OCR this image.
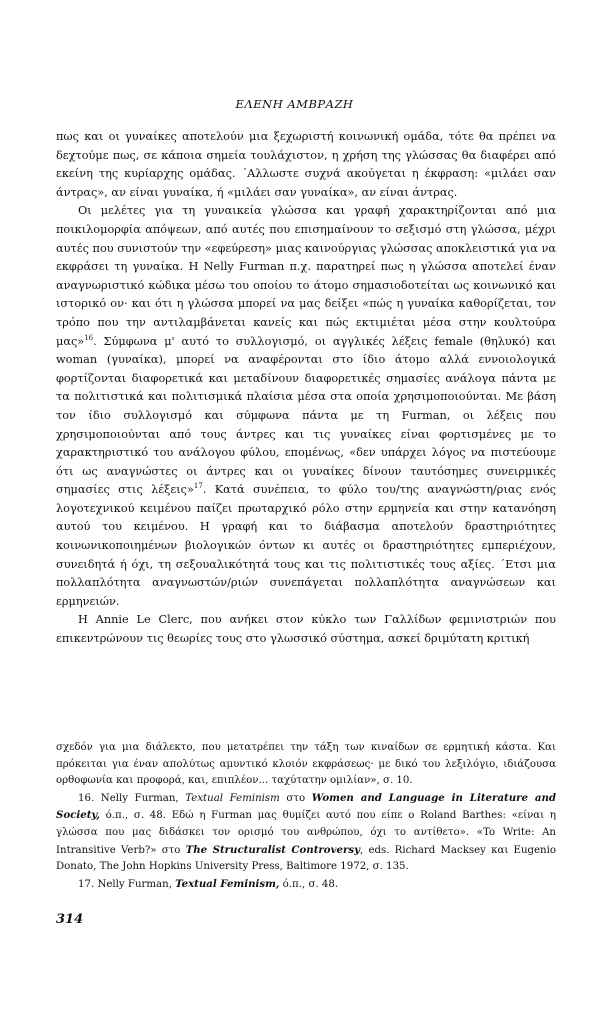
ΕΛΕΝΗ ΑΜΒΡΑΖΗ

πως και οι γυναίκες αποτελούν μια ξεχωριστή κοινωνική ομάδα, τότε θα πρέπει να δεχτούμε πως, σε κάποια σημεία τουλάχιστον, η χρήση της γλώσσας θα διαφέρει από εκείνη της κυρίαρχης ομάδας. ΄Αλλωστε συχνά ακούγεται η έκφραση: «μιλάει σαν άντρας», αν είναι γυναίκα, ή «μιλάει σαν γυναίκα», αν είναι άντρας.

Οι μελέτες για τη γυναικεία γλώσσα και γραφή χαρακτηρίζονται από μια ποικιλομορφία απόψεων, από αυτές που επισημαίνουν το σεξισμό στη γλώσσα, μέχρι αυτές που συνιστούν την «εφεύρεση» μιας καινούργιας γλώσσας αποκλειστικά για να εκφράσει τη γυναίκα. Η Nelly Furman π.χ. παρατηρεί πως η γλώσσα αποτελεί έναν αναγνωριστικό κώδικα μέσω του οποίου το άτομο σημασιοδοτείται ως κοινωνικό και ιστορικό ον· και ότι η γλώσσα μπορεί να μας δείξει «πώς η γυναίκα καθορίζεται, τον τρόπο που την αντιλαμβάνεται κανείς και πώς εκτιμιέται μέσα στην κουλτούρα μας»$^{16}$. Σύμφωνα μ' αυτό το συλλογισμό, οι αγγλικές λέξεις female (θηλυκό) και woman (γυναίκα), μπορεί να αναφέρονται στο ίδιο άτομο αλλά εννοιολογικά φορτίζονται διαφορετικά και μεταδίνουν διαφορετικές σημασίες ανάλογα πάντα με τα πολιτιστικά και πολιτισμικά πλαίσια μέσα στα οποία χρησιμοποιούνται. Με βάση τον ίδιο συλλογισμό και σύμφωνα πάντα με τη Furman, οι λέξεις που χρησιμοποιούνται από τους άντρες και τις γυναίκες είναι φορτισμένες με το χαρακτηριστικό του ανάλογου φύλου, επομένως, «δεν υπάρχει λόγος να πιστεύουμε ότι ως αναγνώστες οι άντρες και οι γυναίκες δίνουν ταυτόσημες συνειρμικές σημασίες στις λέξεις»$^{17}$. Κατά συνέπεια, το φύλο του/της αναγνώστη/ριας ενός λογοτεχνικού κειμένου παίζει πρωταρχικό ρόλο στην ερμηνεία και στην κατανόηση αυτού του κειμένου. Η γραφή και το διάβασμα αποτελούν δραστηριότητες κοινωνικοποιημένων βιολογικών όντων κι αυτές οι δραστηριότητες εμπεριέχουν, συνειδητά ή όχι, τη σεξουαλικότητά τους και τις πολιτιστικές τους αξίες. ΄Ετσι μια πολλαπλότητα αναγνωστών/ριών συνεπάγεται πολλαπλότητα αναγνώσεων και ερμηνειών.

Η Annie Le Clerc, που ανήκει στον κύκλο των Γαλλίδων φεμινιστριών που επικεντρώνουν τις θεωρίες τους στο γλωσσικό σύστημα, ασκεί δριμύτατη κριτική

σχεδόν για μια διάλεκτο, που μετατρέπει την τάξη των κιναίδων σε ερμητική κάστα. Και πρόκειται για έναν απολύτως αμυντικό κλοιόν εκφράσεως· με δικό του λεξιλόγιο, ιδιάζουσα ορθοφωνία και προφορά, και, επιπλέον... ταχύτατην ομιλίαν», σ. 10.

16. Nelly Furman, Textual Feminism στο Women and Language in Literature and Society, ό.π., σ. 48. Εδώ η Furman μας θυμίζει αυτό που είπε ο Roland Barthes: «είναι η γλώσσα που μας διδάσκει τον ορισμό του ανθρώπου, όχι το αντίθετο». «To Write: An Intransitive Verb?» στο The Structuralist Controversy, eds. Richard Macksey και Eugenio Donato, The John Hopkins University Press, Baltimore 1972, σ. 135.

17. Nelly Furman, Textual Feminism, ό.π., σ. 48.

314
